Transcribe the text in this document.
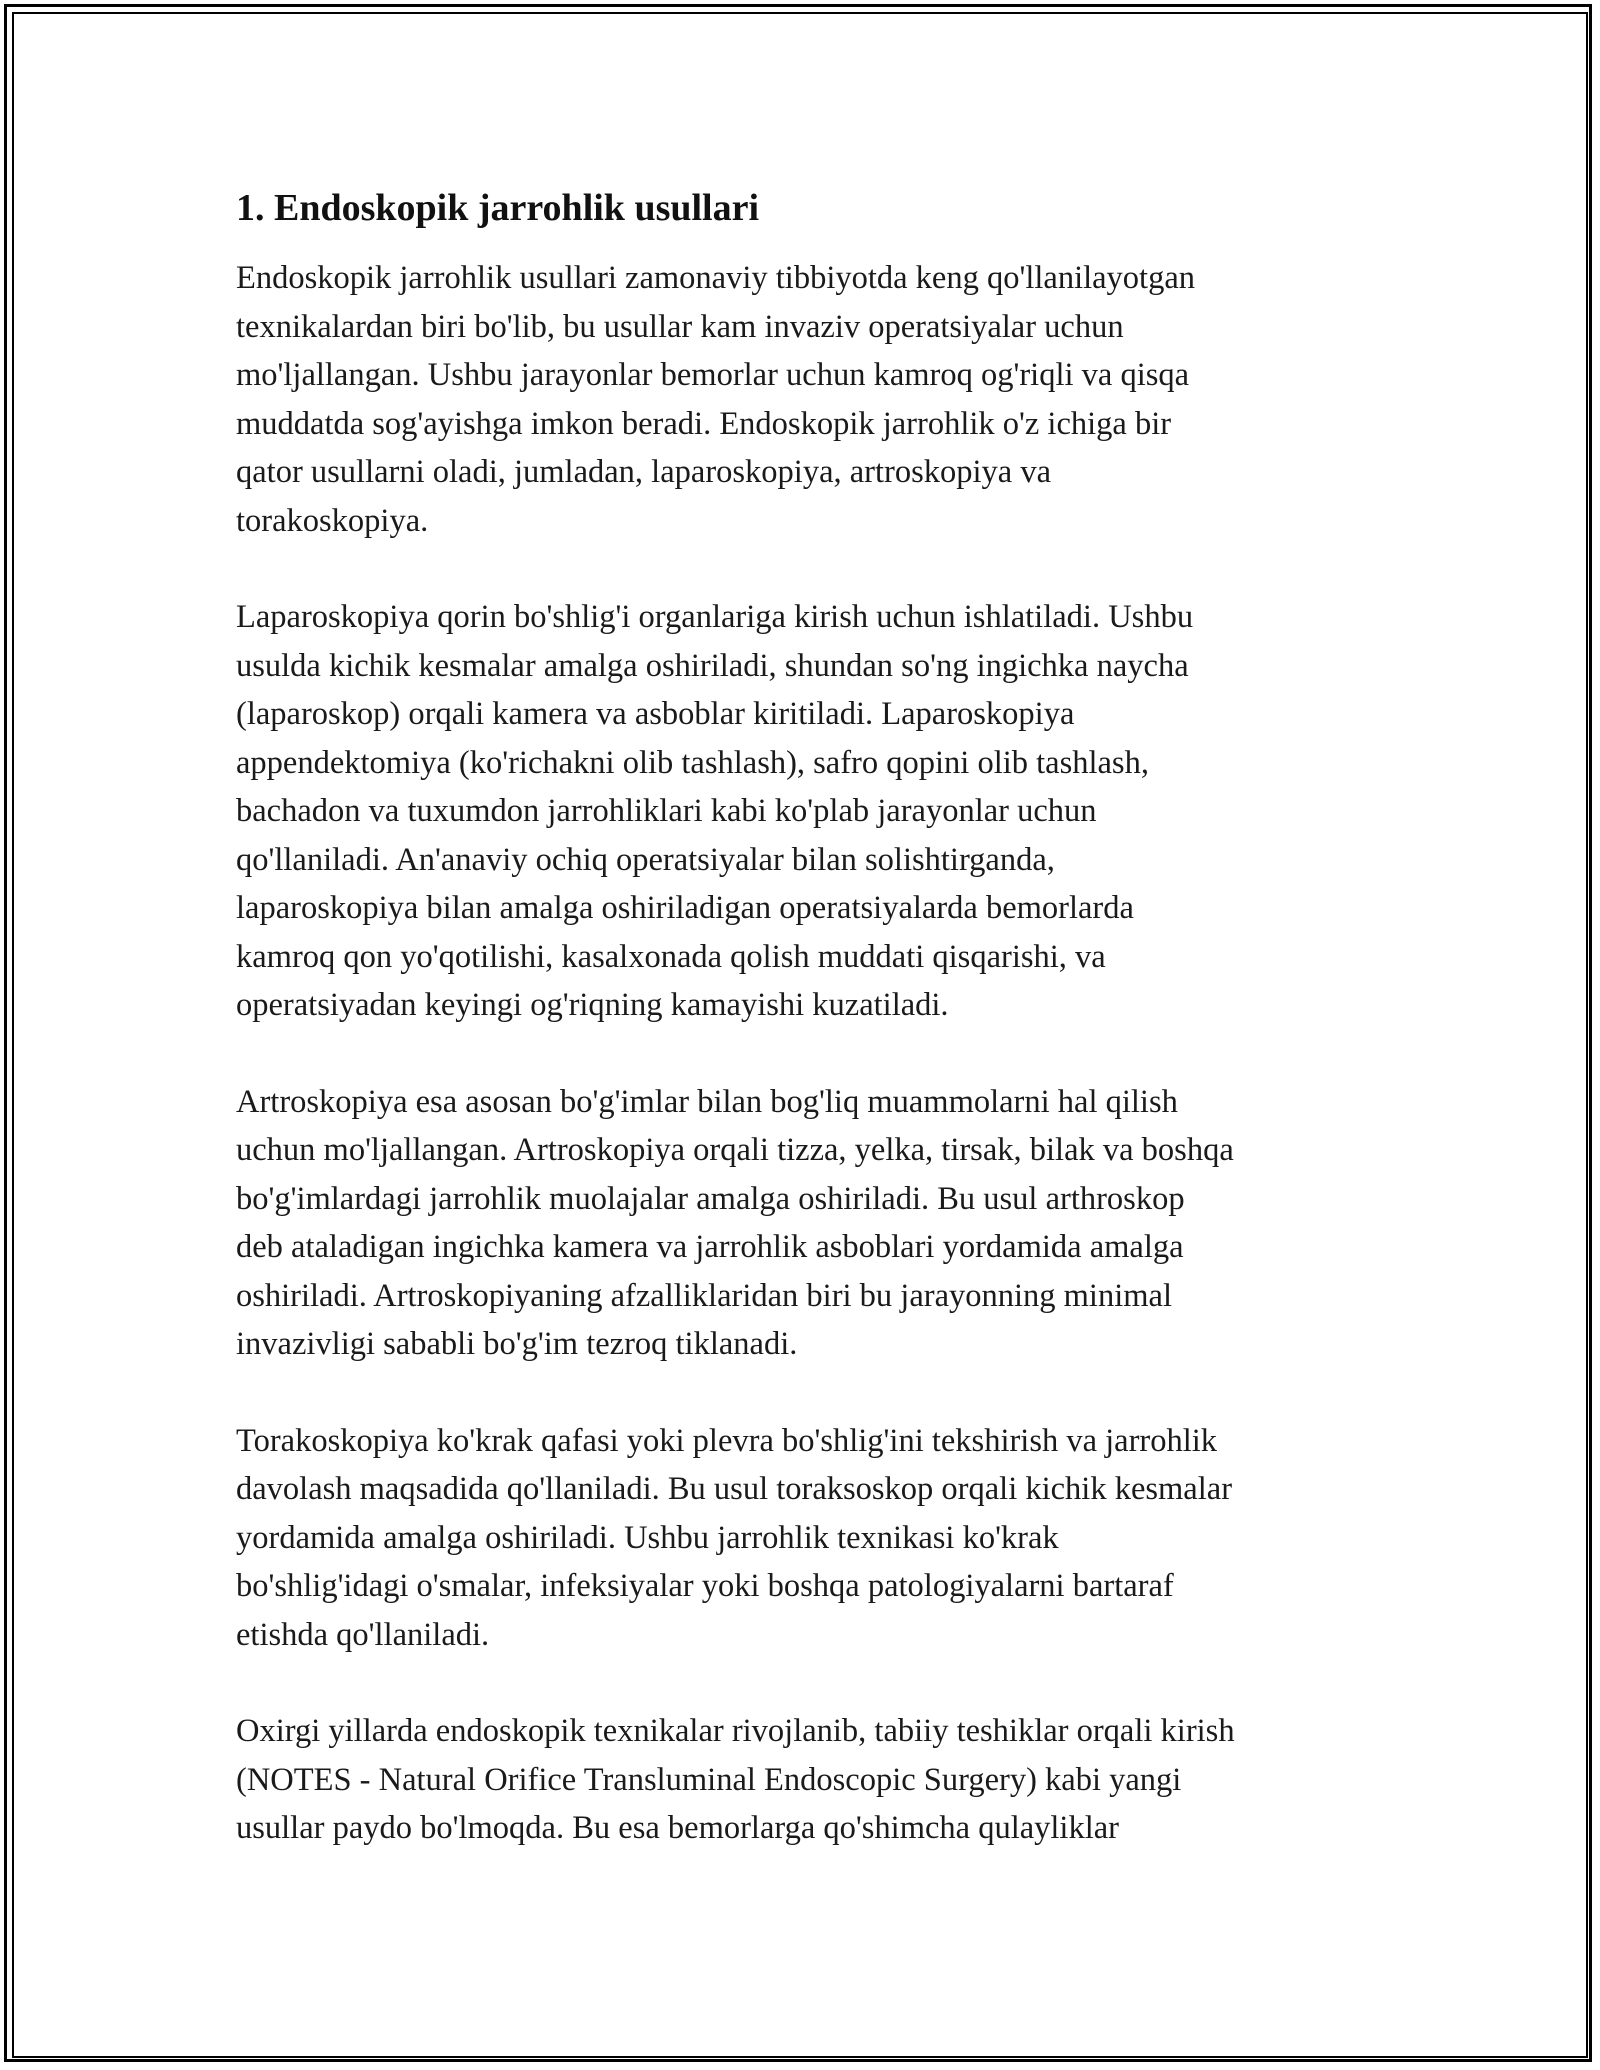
1. Endoskopik jarrohlik usullari
Endoskopik jarrohlik usullari zamonaviy tibbiyotda keng qo'llanilayotgan
texnikalardan biri bo'lib, bu usullar kam invaziv operatsiyalar uchun
mo'ljallangan. Ushbu jarayonlar bemorlar uchun kamroq og'riqli va qisqa
muddatda sog'ayishga imkon beradi. Endoskopik jarrohlik o'z ichiga bir
qator usullarni oladi, jumladan, laparoskopiya, artroskopiya va
torakoskopiya.
Laparoskopiya qorin bo'shlig'i organlariga kirish uchun ishlatiladi. Ushbu
usulda kichik kesmalar amalga oshiriladi, shundan so'ng ingichka naycha
(laparoskop) orqali kamera va asboblar kiritiladi. Laparoskopiya
appendektomiya (ko'richakni olib tashlash), safro qopini olib tashlash,
bachadon va tuxumdon jarrohliklari kabi ko'plab jarayonlar uchun
qo'llaniladi. An'anaviy ochiq operatsiyalar bilan solishtirganda,
laparoskopiya bilan amalga oshiriladigan operatsiyalarda bemorlarda
kamroq qon yo'qotilishi, kasalxonada qolish muddati qisqarishi, va
operatsiyadan keyingi og'riqning kamayishi kuzatiladi.
Artroskopiya esa asosan bo'g'imlar bilan bog'liq muammolarni hal qilish
uchun mo'ljallangan. Artroskopiya orqali tizza, yelka, tirsak, bilak va boshqa
bo'g'imlardagi jarrohlik muolajalar amalga oshiriladi. Bu usul arthroskop
deb ataladigan ingichka kamera va jarrohlik asboblari yordamida amalga
oshiriladi. Artroskopiyaning afzalliklaridan biri bu jarayonning minimal
invazivligi sababli bo'g'im tezroq tiklanadi.
Torakoskopiya ko'krak qafasi yoki plevra bo'shlig'ini tekshirish va jarrohlik
davolash maqsadida qo'llaniladi. Bu usul toraksoskop orqali kichik kesmalar
yordamida amalga oshiriladi. Ushbu jarrohlik texnikasi ko'krak
bo'shlig'idagi o'smalar, infeksiyalar yoki boshqa patologiyalarni bartaraf
etishda qo'llaniladi.
Oxirgi yillarda endoskopik texnikalar rivojlanib, tabiiy teshiklar orqali kirish
(NOTES - Natural Orifice Transluminal Endoscopic Surgery) kabi yangi
usullar paydo bo'lmoqda. Bu esa bemorlarga qo'shimcha qulayliklar
